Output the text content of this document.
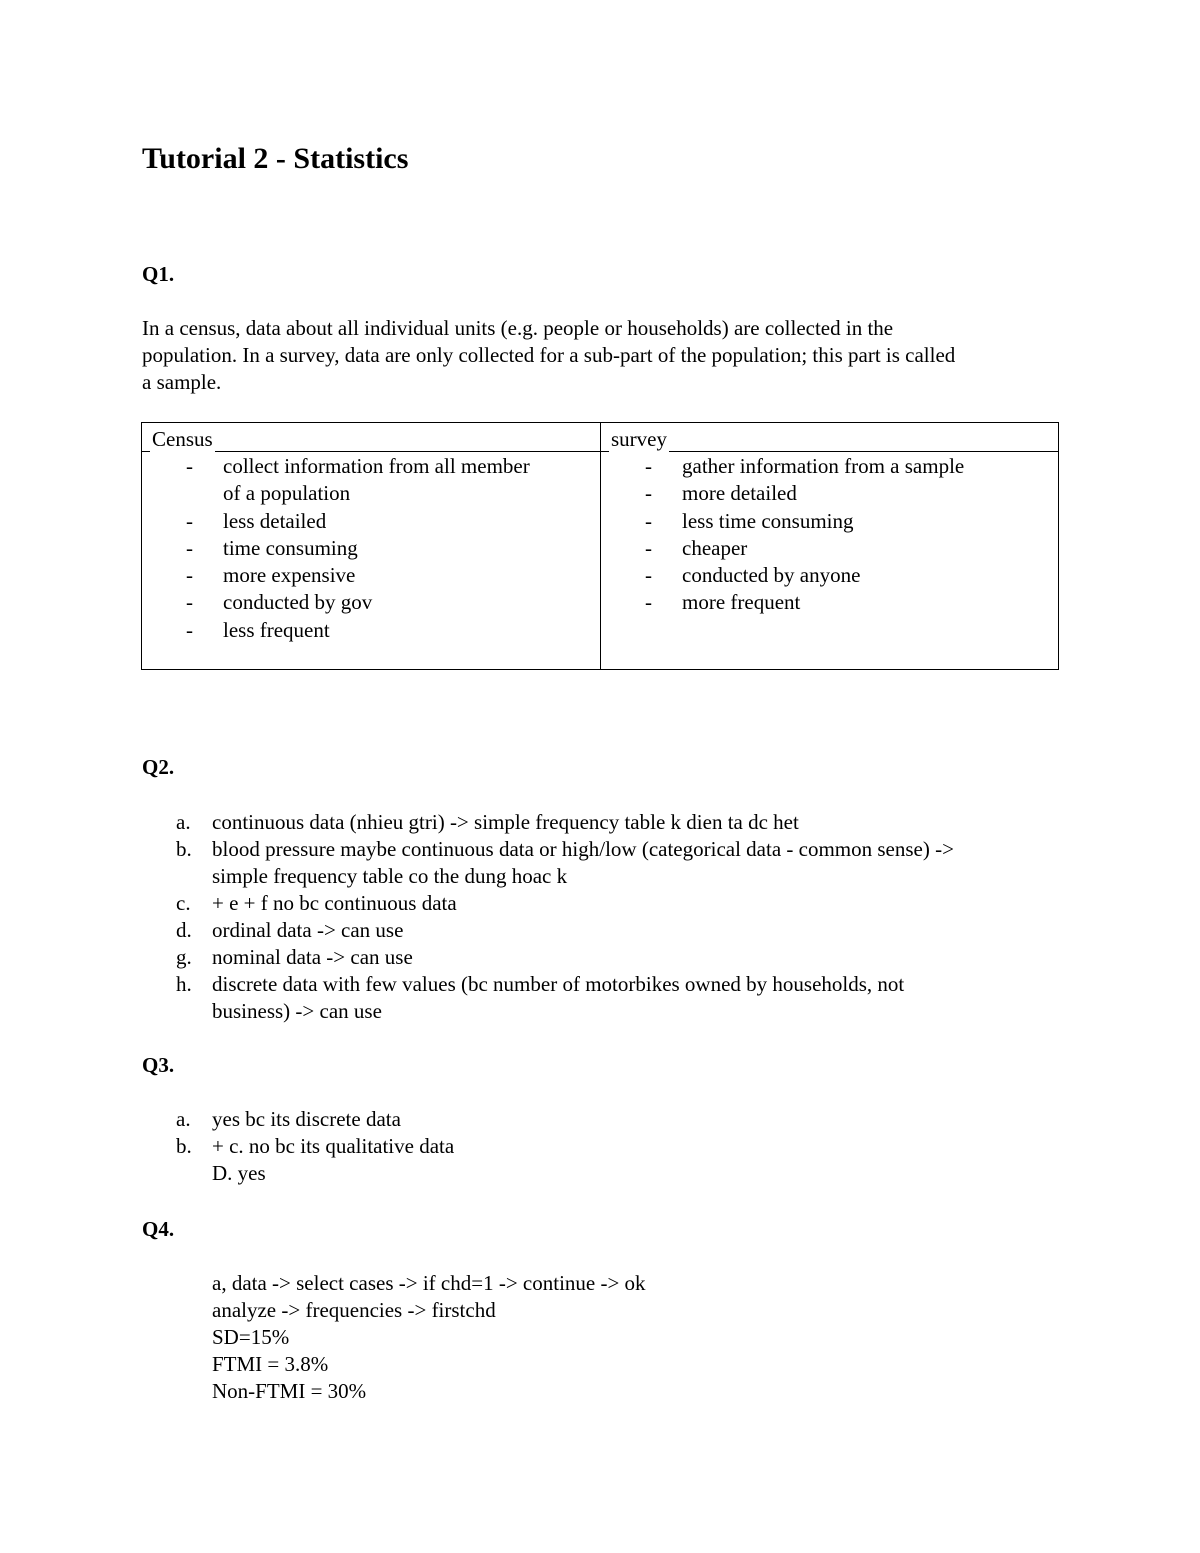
Tutorial 2 - Statistics
Q1.
In a census, data about all individual units (e.g. people or households) are collected in the
population. In a survey, data are only collected for a sub-part of the population; this part is called
a sample.
Census	survey
- collect information from all member
of a population
- less detailed
- time consuming
- more expensive
- conducted by gov
- less frequent
- gather information from a sample
- more detailed
- less time consuming
- cheaper
- conducted by anyone
- more frequent
Q2.
a. continuous data (nhieu gtri) -> simple frequency table k dien ta dc het
b. blood pressure maybe continuous data or high/low (categorical data - common sense) ->
simple frequency table co the dung hoac k
c. + e + f no bc continuous data
d. ordinal data -> can use
g. nominal data -> can use
h. discrete data with few values (bc number of motorbikes owned by households, not
business) -> can use
Q3.
a. yes bc its discrete data
b. + c. no bc its qualitative data
D. yes
Q4.
a, data -> select cases -> if chd=1 -> continue -> ok
analyze -> frequencies -> firstchd
SD=15%
FTMI = 3.8%
Non-FTMI = 30%
